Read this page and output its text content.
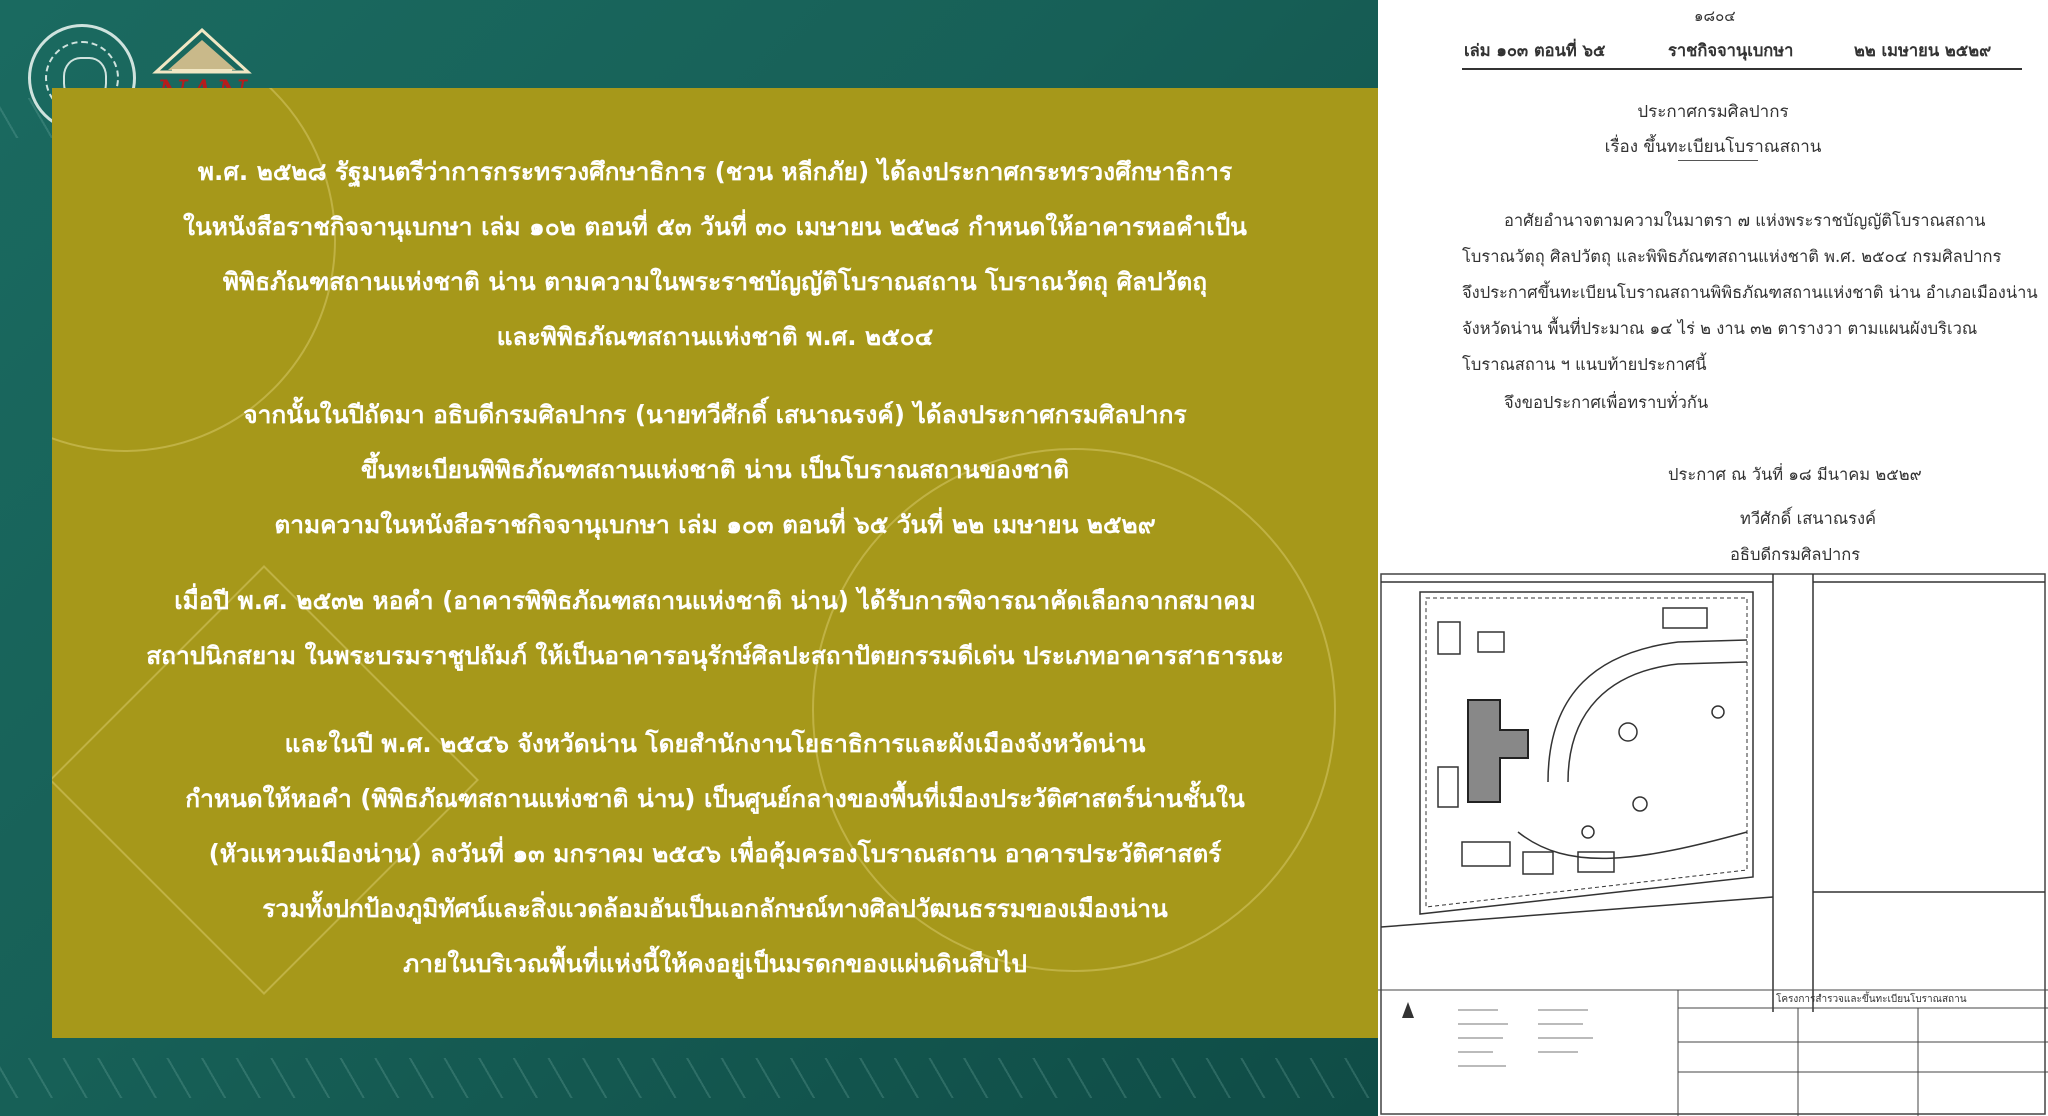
พ.ศ. ๒๕๒๘ รัฐมนตรีว่าการกระทรวงศึกษาธิการ (ชวน หลีกภัย) ได้ลงประกาศกระทรวงศึกษาธิการ
ในหนังสือราชกิจจานุเบกษา เล่ม ๑๐๒ ตอนที่ ๕๓ วันที่ ๓๐ เมษายน ๒๕๒๘ กำหนดให้อาคารหอคำเป็น
พิพิธภัณฑสถานแห่งชาติ น่าน ตามความในพระราชบัญญัติโบราณสถาน โบราณวัตถุ ศิลปวัตถุ
และพิพิธภัณฑสถานแห่งชาติ พ.ศ. ๒๕๐๔
จากนั้นในปีถัดมา อธิบดีกรมศิลปากร (นายทวีศักดิ์ เสนาณรงค์) ได้ลงประกาศกรมศิลปากร
ขึ้นทะเบียนพิพิธภัณฑสถานแห่งชาติ น่าน เป็นโบราณสถานของชาติ
ตามความในหนังสือราชกิจจานุเบกษา เล่ม ๑๐๓ ตอนที่ ๖๕ วันที่ ๒๒ เมษายน ๒๕๒๙
เมื่อปี พ.ศ. ๒๕๓๒ หอคำ (อาคารพิพิธภัณฑสถานแห่งชาติ น่าน) ได้รับการพิจารณาคัดเลือกจากสมาคม
สถาปนิกสยาม ในพระบรมราชูปถัมภ์ ให้เป็นอาคารอนุรักษ์ศิลปะสถาปัตยกรรมดีเด่น ประเภทอาคารสาธารณะ
และในปี พ.ศ. ๒๕๔๖ จังหวัดน่าน โดยสำนักงานโยธาธิการและผังเมืองจังหวัดน่าน
กำหนดให้หอคำ (พิพิธภัณฑสถานแห่งชาติ น่าน) เป็นศูนย์กลางของพื้นที่เมืองประวัติศาสตร์น่านชั้นใน
(หัวแหวนเมืองน่าน) ลงวันที่ ๑๓ มกราคม ๒๕๔๖ เพื่อคุ้มครองโบราณสถาน อาคารประวัติศาสตร์
รวมทั้งปกป้องภูมิทัศน์และสิ่งแวดล้อมอันเป็นเอกลักษณ์ทางศิลปวัฒนธรรมของเมืองน่าน
ภายในบริเวณพื้นที่แห่งนี้ให้คงอยู่เป็นมรดกของแผ่นดินสืบไป
๑๘๐๔
เล่ม ๑๐๓ ตอนที่ ๖๕	ราชกิจจานุเบกษา	๒๒ เมษายน ๒๕๒๙
ประกาศกรมศิลปากร
เรื่อง ขึ้นทะเบียนโบราณสถาน
อาศัยอำนาจตามความในมาตรา ๗ แห่งพระราชบัญญัติโบราณสถาน
โบราณวัตถุ ศิลปวัตถุ และพิพิธภัณฑสถานแห่งชาติ พ.ศ. ๒๕๐๔ กรมศิลปากร
จึงประกาศขึ้นทะเบียนโบราณสถานพิพิธภัณฑสถานแห่งชาติ น่าน อำเภอเมืองน่าน
จังหวัดน่าน พื้นที่ประมาณ ๑๔ ไร่ ๒ งาน ๓๒ ตารางวา ตามแผนผังบริเวณ
โบราณสถาน ฯ แนบท้ายประกาศนี้
จึงขอประกาศเพื่อทราบทั่วกัน
ประกาศ ณ วันที่ ๑๘ มีนาคม ๒๕๒๙
ทวีศักดิ์ เสนาณรงค์
อธิบดีกรมศิลปากร
โครงการสำรวจและขึ้นทะเบียนโบราณสถาน
